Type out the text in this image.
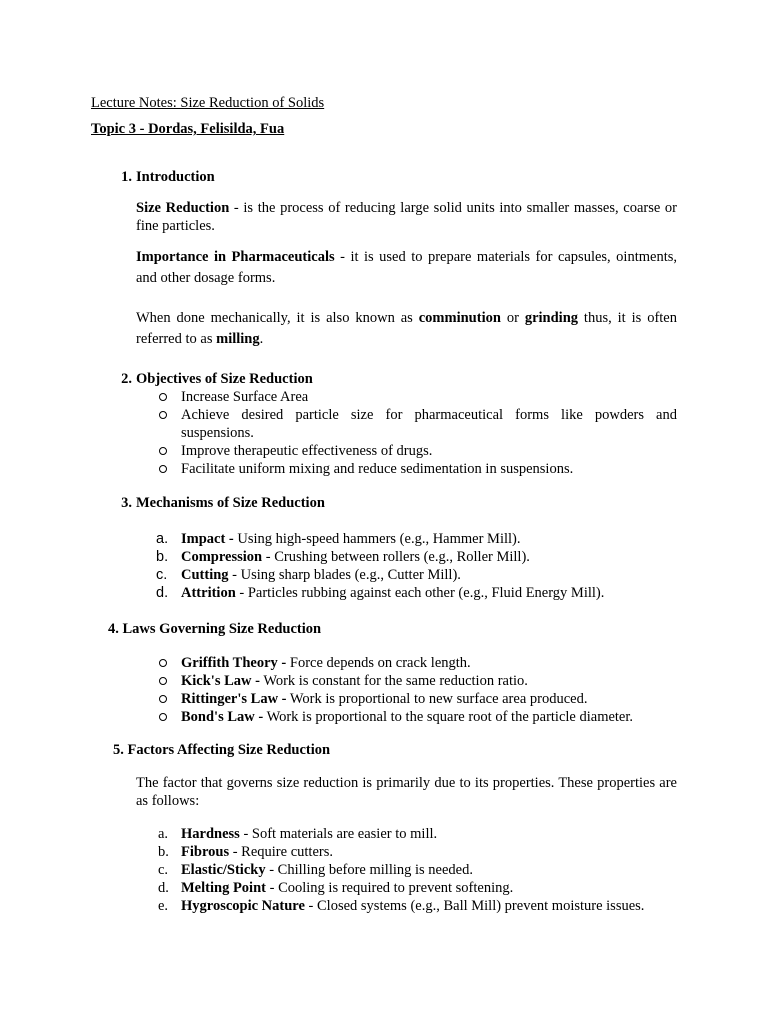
Lecture Notes: Size Reduction of Solids
Topic 3 - Dordas, Felisilda, Fua
1. Introduction
Size Reduction - is the process of reducing large solid units into smaller masses, coarse or fine particles.
Importance in Pharmaceuticals - it is used to prepare materials for capsules, ointments, and other dosage forms.
When done mechanically, it is also known as comminution or grinding thus, it is often referred to as milling.
2. Objectives of Size Reduction
Increase Surface Area
Achieve desired particle size for pharmaceutical forms like powders and suspensions.
Improve therapeutic effectiveness of drugs.
Facilitate uniform mixing and reduce sedimentation in suspensions.
3. Mechanisms of Size Reduction
a. Impact - Using high-speed hammers (e.g., Hammer Mill).
b. Compression - Crushing between rollers (e.g., Roller Mill).
c. Cutting - Using sharp blades (e.g., Cutter Mill).
d. Attrition - Particles rubbing against each other (e.g., Fluid Energy Mill).
4. Laws Governing Size Reduction
Griffith Theory - Force depends on crack length.
Kick's Law - Work is constant for the same reduction ratio.
Rittinger's Law - Work is proportional to new surface area produced.
Bond's Law - Work is proportional to the square root of the particle diameter.
5. Factors Affecting Size Reduction
The factor that governs size reduction is primarily due to its properties. These properties are as follows:
a. Hardness - Soft materials are easier to mill.
b. Fibrous - Require cutters.
c. Elastic/Sticky - Chilling before milling is needed.
d. Melting Point - Cooling is required to prevent softening.
e. Hygroscopic Nature - Closed systems (e.g., Ball Mill) prevent moisture issues.
